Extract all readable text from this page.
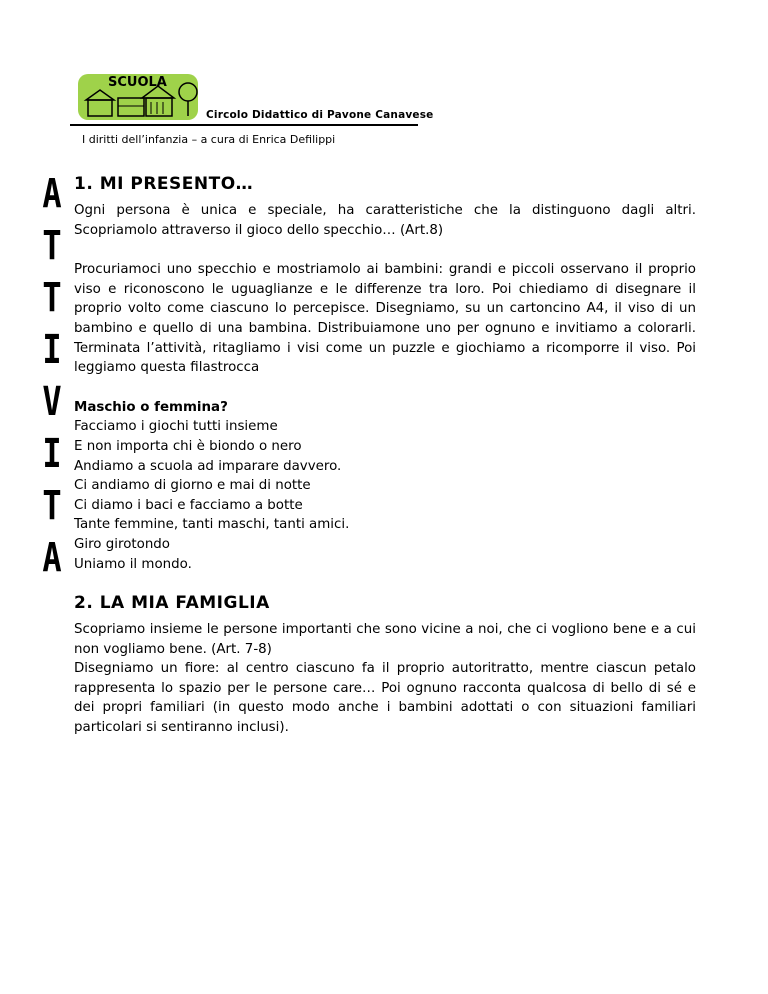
SCUOLA
Circolo Didattico di Pavone Canavese
I diritti dell’infanzia – a cura di Enrica Defilippi
A
T
T
I
V
I
T
A
1. MI PRESENTO…

Ogni persona è unica e speciale, ha caratteristiche che la distinguono dagli altri. Scopriamolo attraverso il gioco dello specchio… (Art.8)

Procuriamoci uno specchio e mostriamolo ai bambini: grandi e piccoli osservano il proprio viso e riconoscono le uguaglianze e le differenze tra loro. Poi chiediamo di disegnare il proprio volto come ciascuno lo percepisce. Disegniamo, su un cartoncino A4, il viso di un bambino e quello di una bambina. Distribuiamone uno per ognuno e invitiamo a colorarli. Terminata l’attività, ritagliamo i visi come un puzzle e giochiamo a ricomporre il viso. Poi leggiamo questa filastrocca

Maschio o femmina?
Facciamo i giochi tutti insieme
E non importa chi è biondo o nero
Andiamo a scuola ad imparare davvero.
Ci andiamo di giorno e mai di notte
Ci diamo i baci e facciamo a botte
Tante femmine, tanti maschi, tanti amici.
Giro girotondo
Uniamo il mondo.
2. LA MIA FAMIGLIA

Scopriamo insieme le persone importanti che sono vicine a noi, che ci vogliono bene e a cui non vogliamo bene. (Art. 7-8)

Disegniamo un fiore: al centro ciascuno fa il proprio autoritratto, mentre ciascun petalo rappresenta lo spazio per le persone care… Poi ognuno racconta qualcosa di bello di sé e dei propri familiari (in questo modo anche i bambini adottati o con situazioni familiari particolari si sentiranno inclusi).
